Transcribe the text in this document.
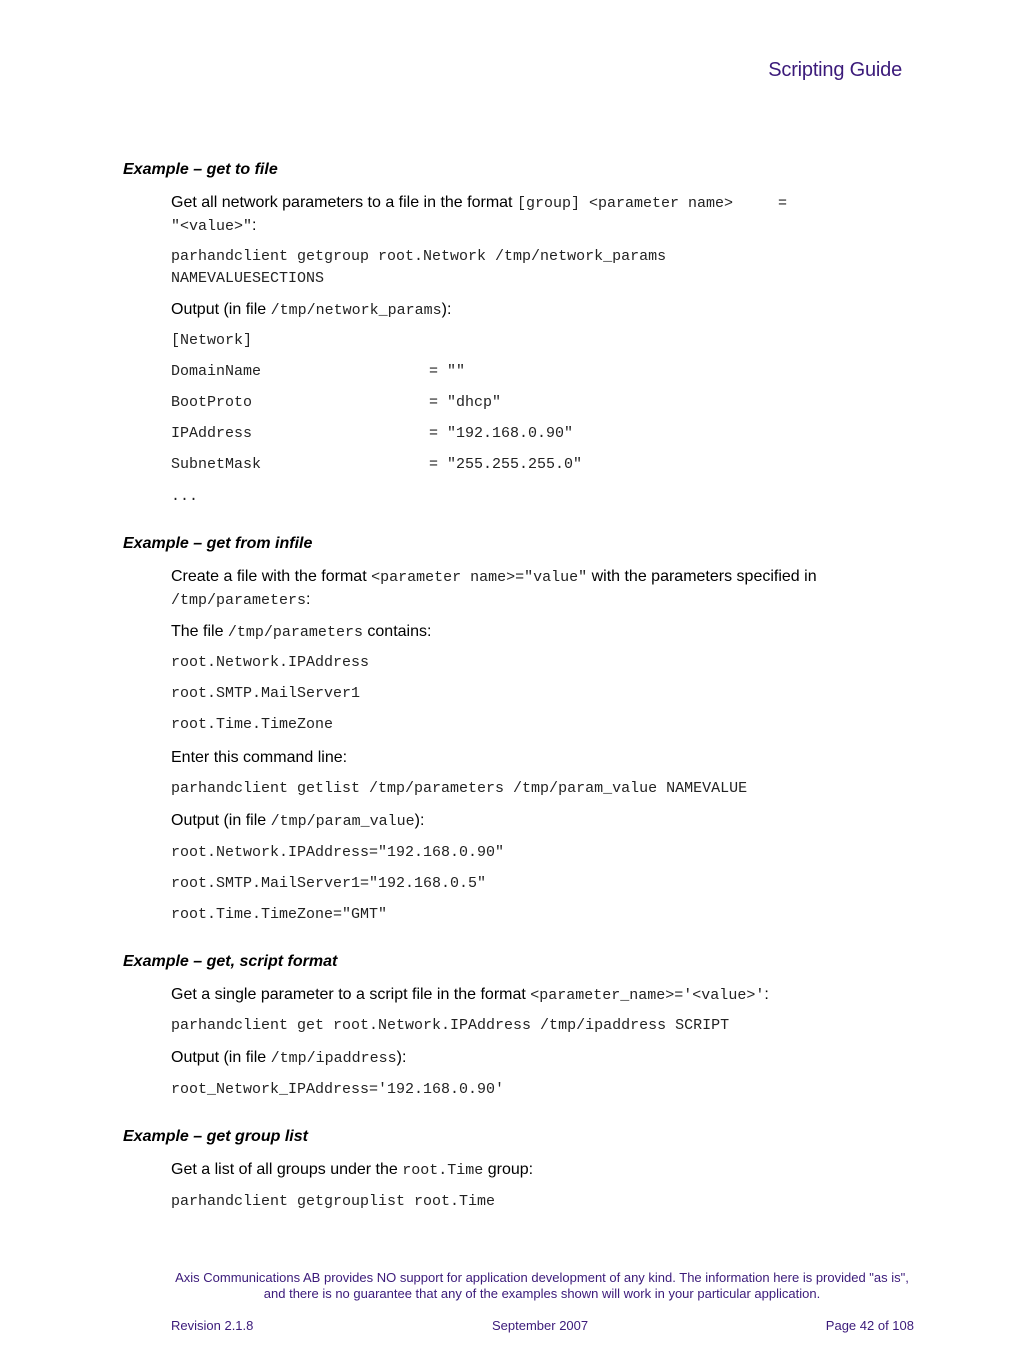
Scripting Guide
Example – get to file
Get all network parameters to a file in the format [group] <parameter name>     =
"<value>":
parhandclient getgroup root.Network /tmp/network_params
NAMEVALUESECTIONS
Output (in file /tmp/network_params):
[Network]
DomainName	= ""
BootProto	= "dhcp"
IPAddress	= "192.168.0.90"
SubnetMask	= "255.255.255.0"
...
Example – get from infile
Create a file with the format <parameter name>="value" with the parameters specified in
/tmp/parameters:
The file /tmp/parameters contains:
root.Network.IPAddress
root.SMTP.MailServer1
root.Time.TimeZone
Enter this command line:
parhandclient getlist /tmp/parameters /tmp/param_value NAMEVALUE
Output (in file /tmp/param_value):
root.Network.IPAddress="192.168.0.90"
root.SMTP.MailServer1="192.168.0.5"
root.Time.TimeZone="GMT"
Example – get, script format
Get a single parameter to a script file in the format <parameter_name>='<value>':
parhandclient get root.Network.IPAddress /tmp/ipaddress SCRIPT
Output (in file /tmp/ipaddress):
root_Network_IPAddress='192.168.0.90'
Example – get group list
Get a list of all groups under the root.Time group:
parhandclient getgrouplist root.Time
Axis Communications AB provides NO support for application development of any kind. The information here is provided "as is", and there is no guarantee that any of the examples shown will work in your particular application.
Revision 2.1.8	September 2007	Page 42 of 108
